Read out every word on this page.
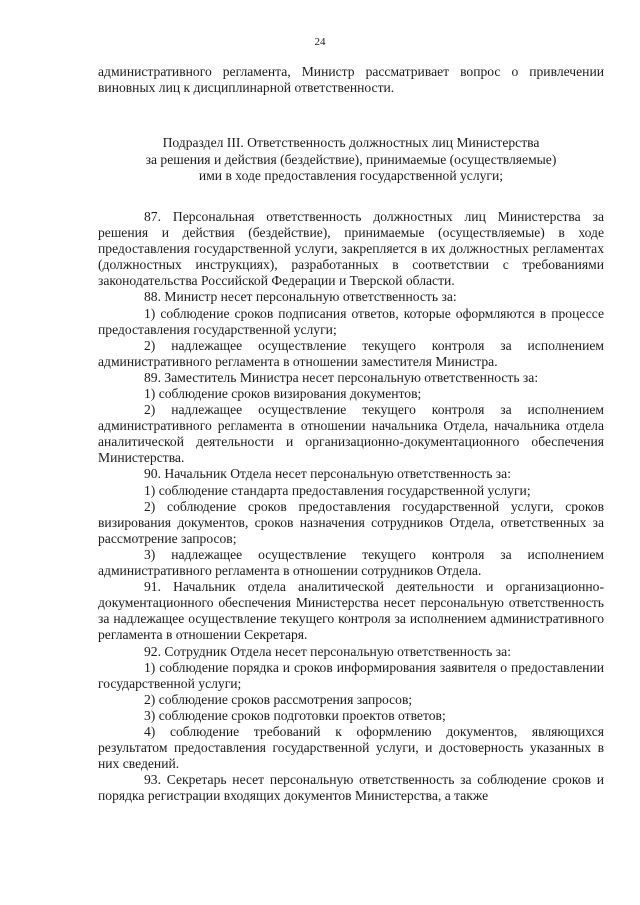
24

административного регламента, Министр рассматривает вопрос о привлечении виновных лиц к дисциплинарной ответственности.

Подраздел III. Ответственность должностных лиц Министерства
за решения и действия (бездействие), принимаемые (осуществляемые)
ими в ходе предоставления государственной услуги;

87. Персональная ответственность должностных лиц Министерства за решения и действия (бездействие), принимаемые (осуществляемые) в ходе предоставления государственной услуги, закрепляется в их должностных регламентах (должностных инструкциях), разработанных в соответствии с требованиями законодательства Российской Федерации и Тверской области.

88. Министр несет персональную ответственность за:

1) соблюдение сроков подписания ответов, которые оформляются в процессе предоставления государственной услуги;

2) надлежащее осуществление текущего контроля за исполнением административного регламента в отношении заместителя Министра.

89. Заместитель Министра несет персональную ответственность за:

1) соблюдение сроков визирования документов;

2) надлежащее осуществление текущего контроля за исполнением административного регламента в отношении начальника Отдела, начальника отдела аналитической деятельности и организационно-документационного обеспечения Министерства.

90. Начальник Отдела несет персональную ответственность за:

1) соблюдение стандарта предоставления государственной услуги;

2) соблюдение сроков предоставления государственной услуги, сроков визирования документов, сроков назначения сотрудников Отдела, ответственных за рассмотрение запросов;

3) надлежащее осуществление текущего контроля за исполнением административного регламента в отношении сотрудников Отдела.

91. Начальник отдела аналитической деятельности и организационно-документационного обеспечения Министерства несет персональную ответственность за надлежащее осуществление текущего контроля за исполнением административного регламента в отношении Секретаря.

92. Сотрудник Отдела несет персональную ответственность за:

1) соблюдение порядка и сроков информирования заявителя о предоставлении государственной услуги;

2) соблюдение сроков рассмотрения запросов;

3) соблюдение сроков подготовки проектов ответов;

4) соблюдение требований к оформлению документов, являющихся результатом предоставления государственной услуги, и достоверность указанных в них сведений.

93. Секретарь несет персональную ответственность за соблюдение сроков и порядка регистрации входящих документов Министерства, а также
